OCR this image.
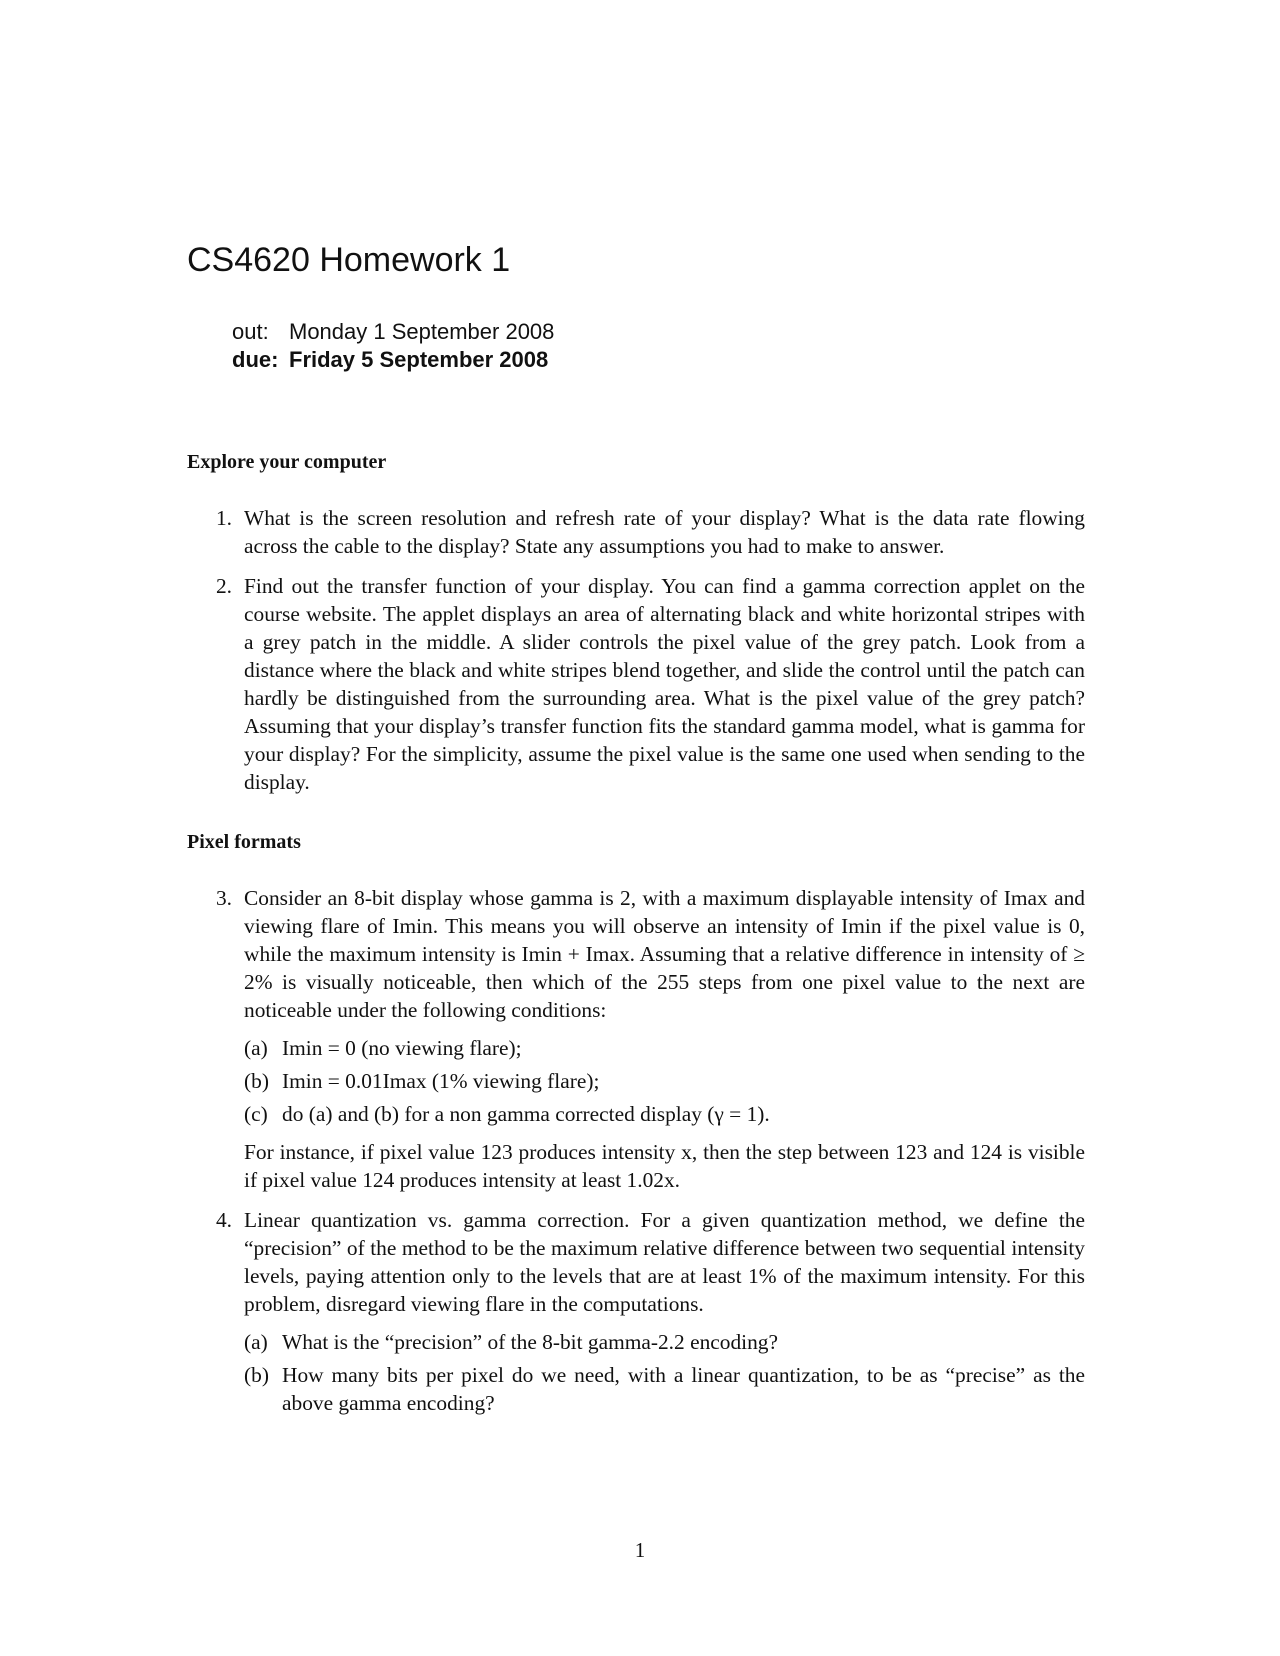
CS4620 Homework 1
out: Monday 1 September 2008
due: Friday 5 September 2008
Explore your computer
1. What is the screen resolution and refresh rate of your display? What is the data rate flowing across the cable to the display? State any assumptions you had to make to answer.

2. Find out the transfer function of your display. You can find a gamma correction applet on the course website. The applet displays an area of alternating black and white horizontal stripes with a grey patch in the middle. A slider controls the pixel value of the grey patch. Look from a distance where the black and white stripes blend together, and slide the control until the patch can hardly be distinguished from the surrounding area. What is the pixel value of the grey patch? Assuming that your display’s transfer function fits the standard gamma model, what is gamma for your display? For the simplicity, assume the pixel value is the same one used when sending to the display.

Pixel formats
3. Consider an 8-bit display whose gamma is 2, with a maximum displayable intensity of Imax and viewing flare of Imin. This means you will observe an intensity of Imin if the pixel value is 0, while the maximum intensity is Imin + Imax. Assuming that a relative difference in intensity of ≥ 2% is visually noticeable, then which of the 255 steps from one pixel value to the next are noticeable under the following conditions:

(a) Imin = 0 (no viewing flare);
(b) Imin = 0.01Imax (1% viewing flare);
(c) do (a) and (b) for a non gamma corrected display (γ = 1).

For instance, if pixel value 123 produces intensity x, then the step between 123 and 124 is visible if pixel value 124 produces intensity at least 1.02x.

4. Linear quantization vs. gamma correction. For a given quantization method, we define the “precision” of the method to be the maximum relative difference between two sequential intensity levels, paying attention only to the levels that are at least 1% of the maximum intensity. For this problem, disregard viewing flare in the computations.

(a) What is the “precision” of the 8-bit gamma-2.2 encoding?
(b) How many bits per pixel do we need, with a linear quantization, to be as “precise” as the above gamma encoding?
1
